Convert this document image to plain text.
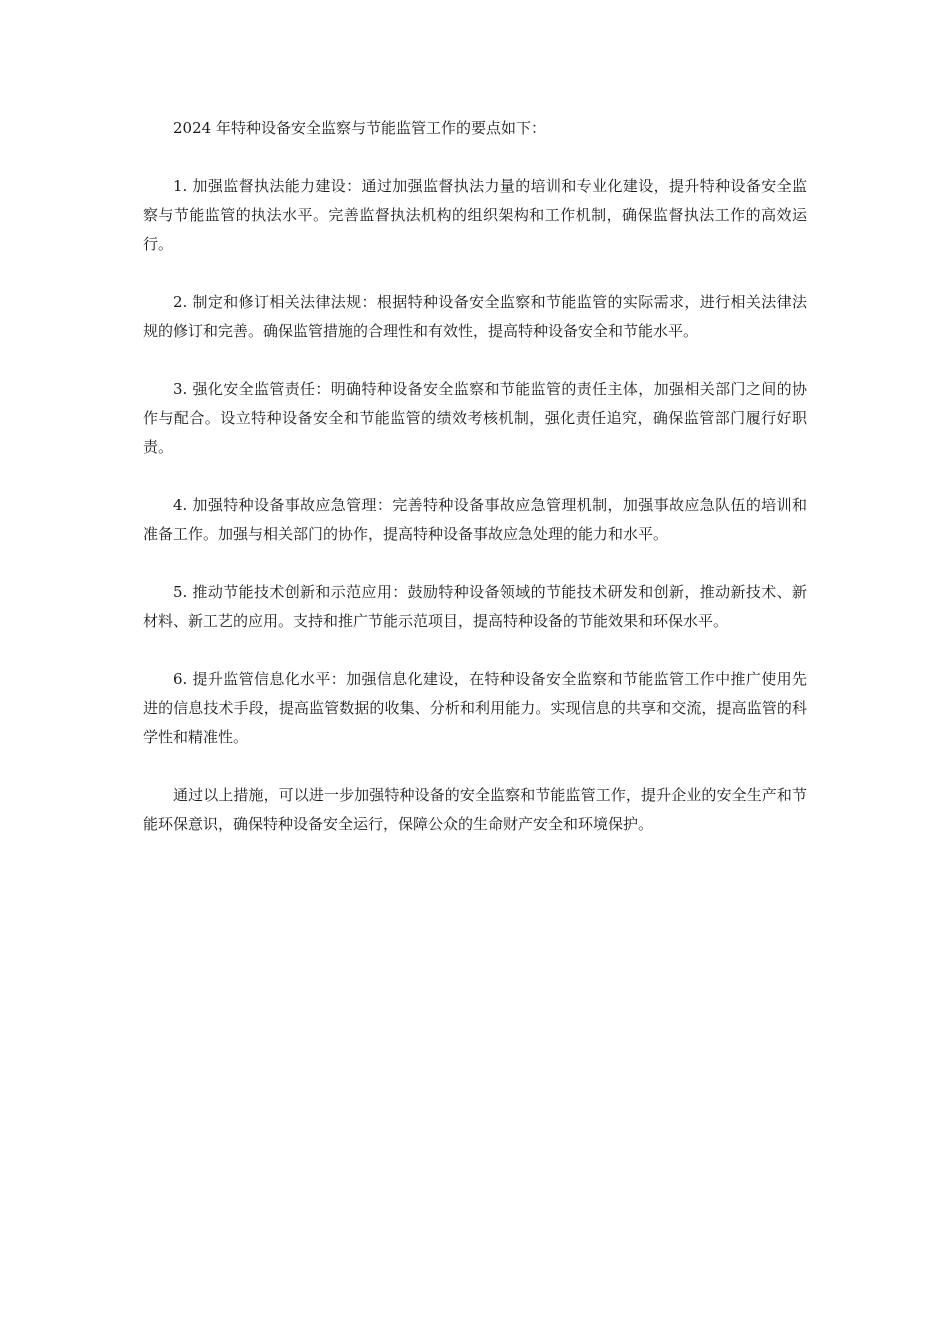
2024 年特种设备安全监察与节能监管工作的要点如下：

1. 加强监督执法能力建设：通过加强监督执法力量的培训和专业化建设，提升特种设备安全监察与节能监管的执法水平。完善监督执法机构的组织架构和工作机制，确保监督执法工作的高效运行。

2. 制定和修订相关法律法规：根据特种设备安全监察和节能监管的实际需求，进行相关法律法规的修订和完善。确保监管措施的合理性和有效性，提高特种设备安全和节能水平。

3. 强化安全监管责任：明确特种设备安全监察和节能监管的责任主体，加强相关部门之间的协作与配合。设立特种设备安全和节能监管的绩效考核机制，强化责任追究，确保监管部门履行好职责。

4. 加强特种设备事故应急管理：完善特种设备事故应急管理机制，加强事故应急队伍的培训和准备工作。加强与相关部门的协作，提高特种设备事故应急处理的能力和水平。

5. 推动节能技术创新和示范应用：鼓励特种设备领域的节能技术研发和创新，推动新技术、新材料、新工艺的应用。支持和推广节能示范项目，提高特种设备的节能效果和环保水平。

6. 提升监管信息化水平：加强信息化建设，在特种设备安全监察和节能监管工作中推广使用先进的信息技术手段，提高监管数据的收集、分析和利用能力。实现信息的共享和交流，提高监管的科学性和精准性。

通过以上措施，可以进一步加强特种设备的安全监察和节能监管工作，提升企业的安全生产和节能环保意识，确保特种设备安全运行，保障公众的生命财产安全和环境保护。
